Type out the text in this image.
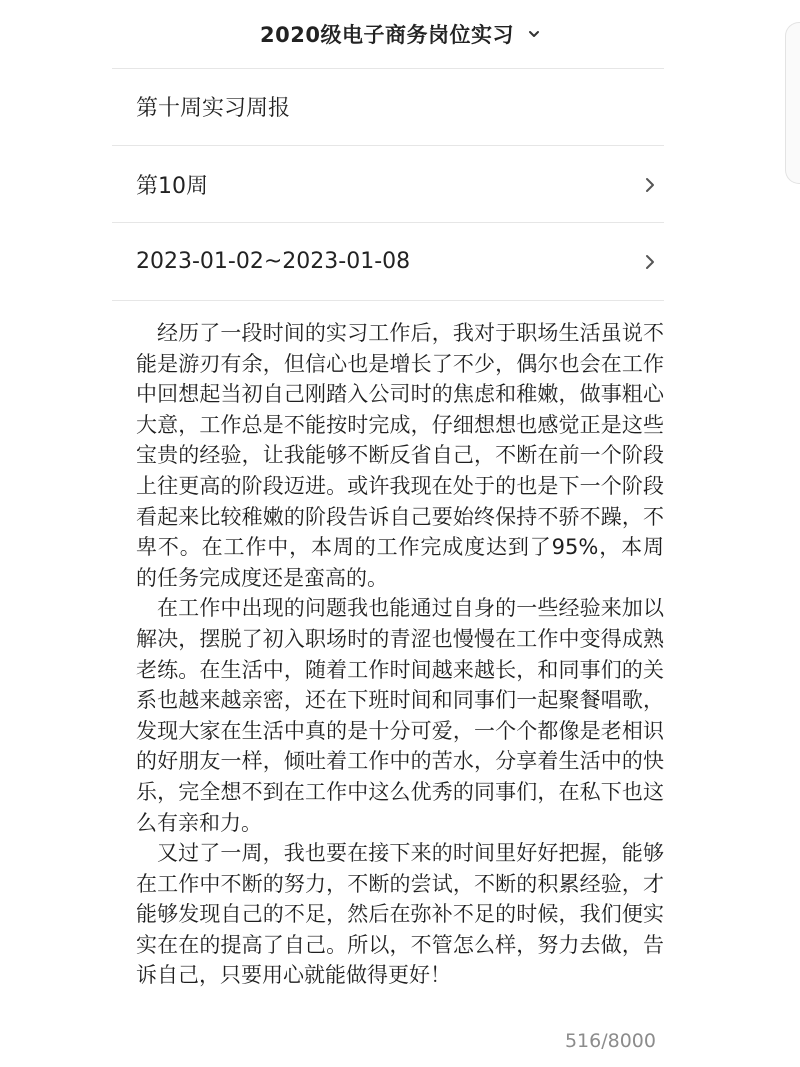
2020级电子商务岗位实习
第十周实习周报
第10周
2023-01-02~2023-01-08

经历了一段时间的实习工作后，我对于职场生活虽说不能是游刃有余，但信心也是增长了不少，偶尔也会在工作中回想起当初自己刚踏入公司时的焦虑和稚嫩，做事粗心大意，工作总是不能按时完成，仔细想想也感觉正是这些宝贵的经验，让我能够不断反省自己，不断在前一个阶段上往更高的阶段迈进。或许我现在处于的也是下一个阶段看起来比较稚嫩的阶段告诉自己要始终保持不骄不躁，不卑不。在工作中，本周的工作完成度达到了95%，本周的任务完成度还是蛮高的。

在工作中出现的问题我也能通过自身的一些经验来加以解决，摆脱了初入职场时的青涩也慢慢在工作中变得成熟老练。在生活中，随着工作时间越来越长，和同事们的关系也越来越亲密，还在下班时间和同事们一起聚餐唱歌，发现大家在生活中真的是十分可爱，一个个都像是老相识的好朋友一样，倾吐着工作中的苦水，分享着生活中的快乐，完全想不到在工作中这么优秀的同事们，在私下也这么有亲和力。

又过了一周，我也要在接下来的时间里好好把握，能够在工作中不断的努力，不断的尝试，不断的积累经验，才能够发现自己的不足，然后在弥补不足的时候，我们便实实在在的提高了自己。所以，不管怎么样，努力去做，告诉自己，只要用心就能做得更好！

516/8000
